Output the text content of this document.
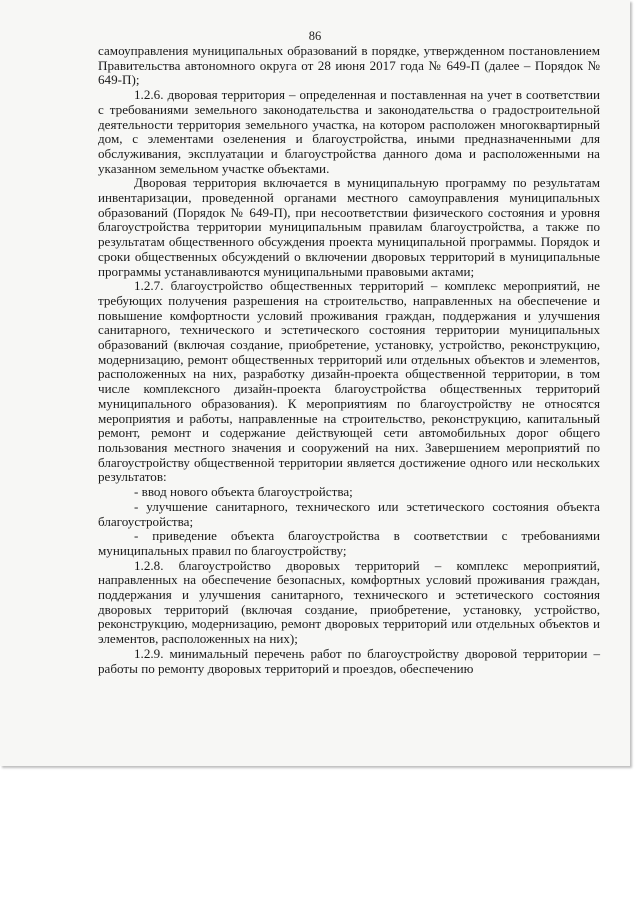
86

самоуправления муниципальных образований в порядке, утвержденном постановлением Правительства автономного округа от 28 июня 2017 года № 649-П (далее – Порядок № 649-П);

1.2.6. дворовая территория – определенная и поставленная на учет в соответствии с требованиями земельного законодательства и законодательства о градостроительной деятельности территория земельного участка, на котором расположен многоквартирный дом, с элементами озеленения и благоустройства, иными предназначенными для обслуживания, эксплуатации и благоустройства данного дома и расположенными на указанном земельном участке объектами.

Дворовая территория включается в муниципальную программу по результатам инвентаризации, проведенной органами местного самоуправления муниципальных образований (Порядок № 649-П), при несоответствии физического состояния и уровня благоустройства территории муниципальным правилам благоустройства, а также по результатам общественного обсуждения проекта муниципальной программы. Порядок и сроки общественных обсуждений о включении дворовых территорий в муниципальные программы устанавливаются муниципальными правовыми актами;

1.2.7. благоустройство общественных территорий – комплекс мероприятий, не требующих получения разрешения на строительство, направленных на обеспечение и повышение комфортности условий проживания граждан, поддержания и улучшения санитарного, технического и эстетического состояния территории муниципальных образований (включая создание, приобретение, установку, устройство, реконструкцию, модернизацию, ремонт общественных территорий или отдельных объектов и элементов, расположенных на них, разработку дизайн-проекта общественной территории, в том числе комплексного дизайн-проекта благоустройства общественных территорий муниципального образования). К мероприятиям по благоустройству не относятся мероприятия и работы, направленные на строительство, реконструкцию, капитальный ремонт, ремонт и содержание действующей сети автомобильных дорог общего пользования местного значения и сооружений на них. Завершением мероприятий по благоустройству общественной территории является достижение одного или нескольких результатов:

- ввод нового объекта благоустройства;

- улучшение санитарного, технического или эстетического состояния объекта благоустройства;

- приведение объекта благоустройства в соответствии с требованиями муниципальных правил по благоустройству;

1.2.8. благоустройство дворовых территорий – комплекс мероприятий, направленных на обеспечение безопасных, комфортных условий проживания граждан, поддержания и улучшения санитарного, технического и эстетического состояния дворовых территорий (включая создание, приобретение, установку, устройство, реконструкцию, модернизацию, ремонт дворовых территорий или отдельных объектов и элементов, расположенных на них);

1.2.9. минимальный перечень работ по благоустройству дворовой территории – работы по ремонту дворовых территорий и проездов, обеспечению
